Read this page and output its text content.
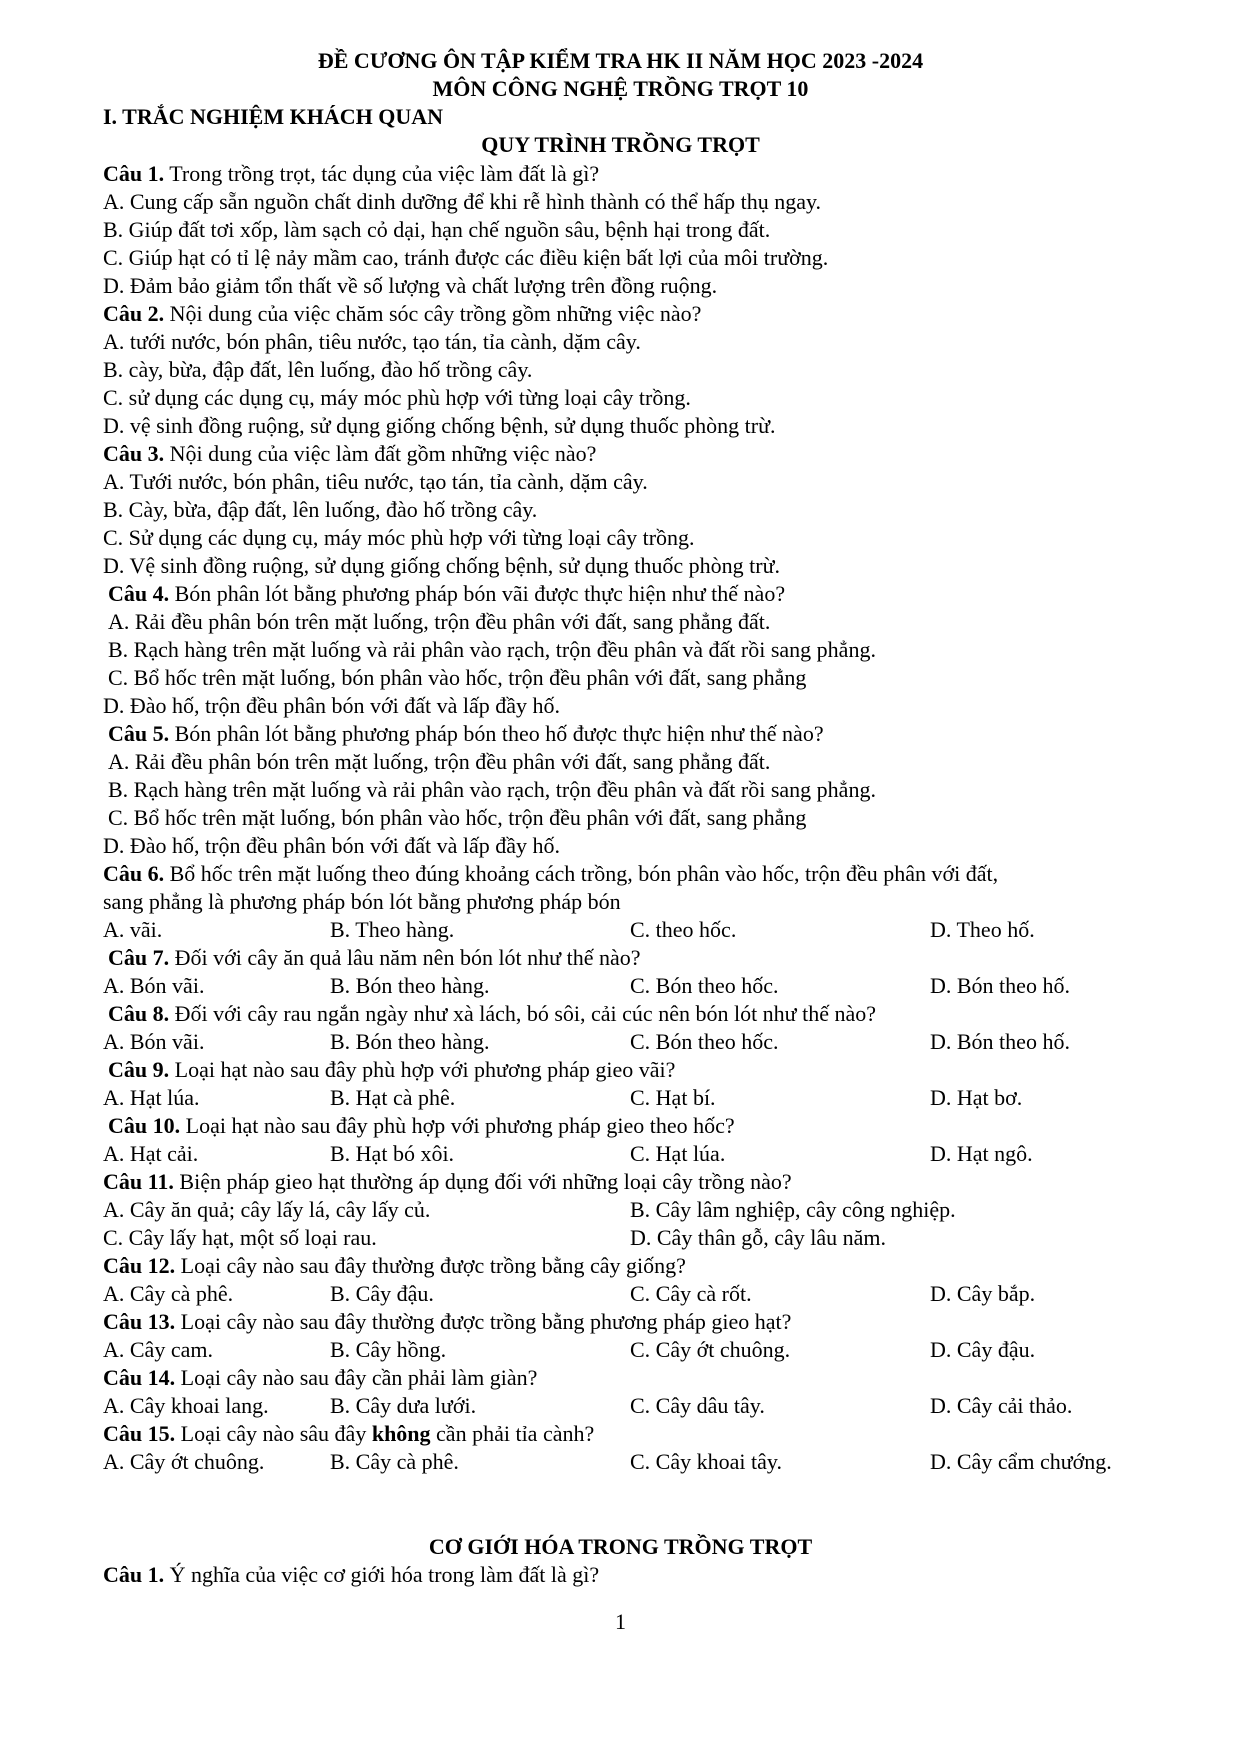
ĐỀ CƯƠNG ÔN TẬP KIỂM TRA HK II NĂM HỌC 2023 -2024
MÔN CÔNG NGHỆ TRỒNG TRỌT 10
I. TRẮC NGHIỆM KHÁCH QUAN
QUY TRÌNH TRỒNG TRỌT
Câu 1. Trong trồng trọt, tác dụng của việc làm đất là gì?
A. Cung cấp sẵn nguồn chất dinh dưỡng để khi rễ hình thành có thể hấp thụ ngay.
B. Giúp đất tơi xốp, làm sạch cỏ dại, hạn chế nguồn sâu, bệnh hại trong đất.
C. Giúp hạt có tỉ lệ nảy mầm cao, tránh được các điều kiện bất lợi của môi trường.
D. Đảm bảo giảm tổn thất về số lượng và chất lượng trên đồng ruộng.
Câu 2. Nội dung của việc chăm sóc cây trồng gồm những việc nào?
A. tưới nước, bón phân, tiêu nước, tạo tán, tỉa cành, dặm cây.
B. cày, bừa, đập đất, lên luống, đào hố trồng cây.
C. sử dụng các dụng cụ, máy móc phù hợp với từng loại cây trồng.
D. vệ sinh đồng ruộng, sử dụng giống chống bệnh, sử dụng thuốc phòng trừ.
Câu 3. Nội dung của việc làm đất gồm những việc nào?
A. Tưới nước, bón phân, tiêu nước, tạo tán, tỉa cành, dặm cây.
B. Cày, bừa, đập đất, lên luống, đào hố trồng cây.
C. Sử dụng các dụng cụ, máy móc phù hợp với từng loại cây trồng.
D. Vệ sinh đồng ruộng, sử dụng giống chống bệnh, sử dụng thuốc phòng trừ.
Câu 4. Bón phân lót bằng phương pháp bón vãi được thực hiện như thế nào?
A. Rải đều phân bón trên mặt luống, trộn đều phân với đất, sang phẳng đất.
B. Rạch hàng trên mặt luống và rải phân vào rạch, trộn đều phân và đất rồi sang phẳng.
C. Bổ hốc trên mặt luống, bón phân vào hốc, trộn đều phân với đất, sang phẳng
D. Đào hố, trộn đều phân bón với đất và lấp đầy hố.
Câu 5. Bón phân lót bằng phương pháp bón theo hố được thực hiện như thế nào?
A. Rải đều phân bón trên mặt luống, trộn đều phân với đất, sang phẳng đất.
B. Rạch hàng trên mặt luống và rải phân vào rạch, trộn đều phân và đất rồi sang phẳng.
C. Bổ hốc trên mặt luống, bón phân vào hốc, trộn đều phân với đất, sang phẳng
D. Đào hố, trộn đều phân bón với đất và lấp đầy hố.
Câu 6. Bổ hốc trên mặt luống theo đúng khoảng cách trồng, bón phân vào hốc, trộn đều phân với đất,
sang phẳng là phương pháp bón lót bằng phương pháp bón
A. vãi.	B. Theo hàng.	C. theo hốc.	D. Theo hố.
Câu 7. Đối với cây ăn quả lâu năm nên bón lót như thế nào?
A. Bón vãi.	B. Bón theo hàng.	C. Bón theo hốc.	D. Bón theo hố.
Câu 8. Đối với cây rau ngắn ngày như xà lách, bó sôi, cải cúc nên bón lót như thế nào?
A. Bón vãi.	B. Bón theo hàng.	C. Bón theo hốc.	D. Bón theo hố.
Câu 9. Loại hạt nào sau đây phù hợp với phương pháp gieo vãi?
A. Hạt lúa.	B. Hạt cà phê.	C. Hạt bí.	D. Hạt bơ.
Câu 10. Loại hạt nào sau đây phù hợp với phương pháp gieo theo hốc?
A. Hạt cải.	B. Hạt bó xôi.	C. Hạt lúa.	D. Hạt ngô.
Câu 11. Biện pháp gieo hạt thường áp dụng đối với những loại cây trồng nào?
A. Cây ăn quả; cây lấy lá, cây lấy củ.	B. Cây lâm nghiệp, cây công nghiệp.
C. Cây lấy hạt, một số loại rau.	D. Cây thân gỗ, cây lâu năm.
Câu 12. Loại cây nào sau đây thường được trồng bằng cây giống?
A. Cây cà phê.	B. Cây đậu.	C. Cây cà rốt.	D. Cây bắp.
Câu 13. Loại cây nào sau đây thường được trồng bằng phương pháp gieo hạt?
A. Cây cam.	B. Cây hồng.	C. Cây ớt chuông.	D. Cây đậu.
Câu 14. Loại cây nào sau đây cần phải làm giàn?
A. Cây khoai lang.	B. Cây dưa lưới.	C. Cây dâu tây.	D. Cây cải thảo.
Câu 15. Loại cây nào sâu đây không cần phải tỉa cành?
A. Cây ớt chuông.	B. Cây cà phê.	C. Cây khoai tây.	D. Cây cẩm chướng.
CƠ GIỚI HÓA TRONG TRỒNG TRỌT
Câu 1. Ý nghĩa của việc cơ giới hóa trong làm đất là gì?
1
